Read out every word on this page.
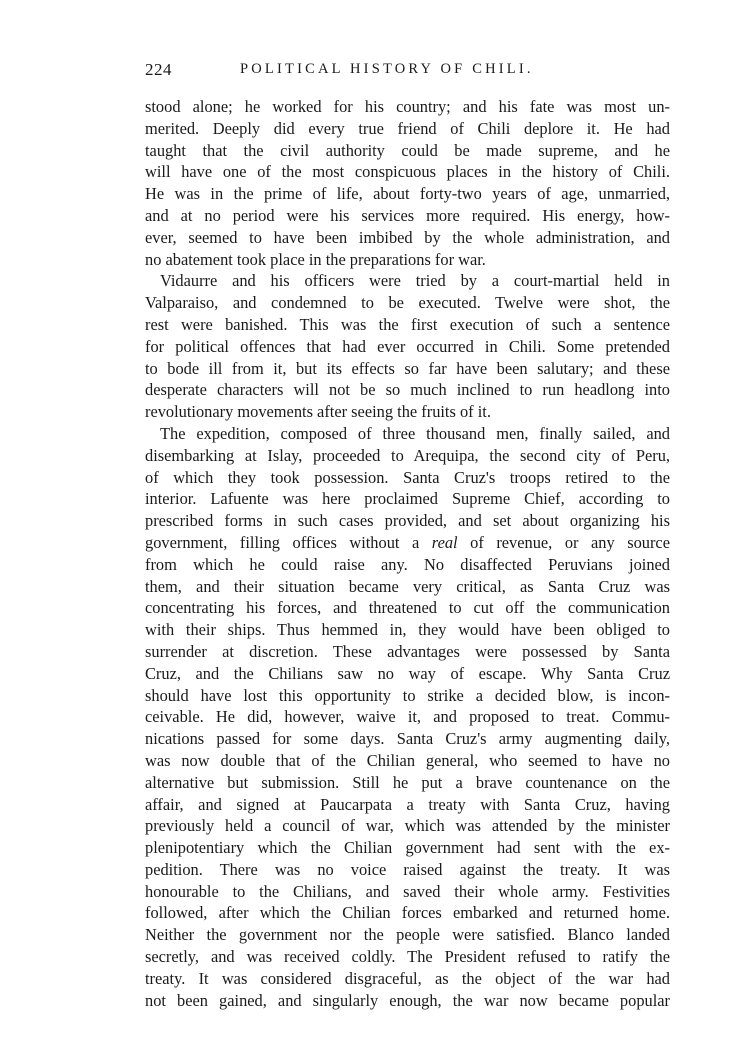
224	POLITICAL HISTORY OF CHILI.
stood alone; he worked for his country; and his fate was most un-
merited. Deeply did every true friend of Chili deplore it. He had
taught that the civil authority could be made supreme, and he
will have one of the most conspicuous places in the history of Chili.
He was in the prime of life, about forty-two years of age, unmarried,
and at no period were his services more required. His energy, how-
ever, seemed to have been imbibed by the whole administration, and
no abatement took place in the preparations for war.
Vidaurre and his officers were tried by a court-martial held in
Valparaiso, and condemned to be executed. Twelve were shot, the
rest were banished. This was the first execution of such a sentence
for political offences that had ever occurred in Chili. Some pretended
to bode ill from it, but its effects so far have been salutary; and these
desperate characters will not be so much inclined to run headlong into
revolutionary movements after seeing the fruits of it.
The expedition, composed of three thousand men, finally sailed, and
disembarking at Islay, proceeded to Arequipa, the second city of Peru,
of which they took possession. Santa Cruz's troops retired to the
interior. Lafuente was here proclaimed Supreme Chief, according to
prescribed forms in such cases provided, and set about organizing his
government, filling offices without a real of revenue, or any source
from which he could raise any. No disaffected Peruvians joined
them, and their situation became very critical, as Santa Cruz was
concentrating his forces, and threatened to cut off the communication
with their ships. Thus hemmed in, they would have been obliged to
surrender at discretion. These advantages were possessed by Santa
Cruz, and the Chilians saw no way of escape. Why Santa Cruz
should have lost this opportunity to strike a decided blow, is incon-
ceivable. He did, however, waive it, and proposed to treat. Commu-
nications passed for some days. Santa Cruz's army augmenting daily,
was now double that of the Chilian general, who seemed to have no
alternative but submission. Still he put a brave countenance on the
affair, and signed at Paucarpata a treaty with Santa Cruz, having
previously held a council of war, which was attended by the minister
plenipotentiary which the Chilian government had sent with the ex-
pedition. There was no voice raised against the treaty. It was
honourable to the Chilians, and saved their whole army. Festivities
followed, after which the Chilian forces embarked and returned home.
Neither the government nor the people were satisfied. Blanco landed
secretly, and was received coldly. The President refused to ratify the
treaty. It was considered disgraceful, as the object of the war had
not been gained, and singularly enough, the war now became popular
